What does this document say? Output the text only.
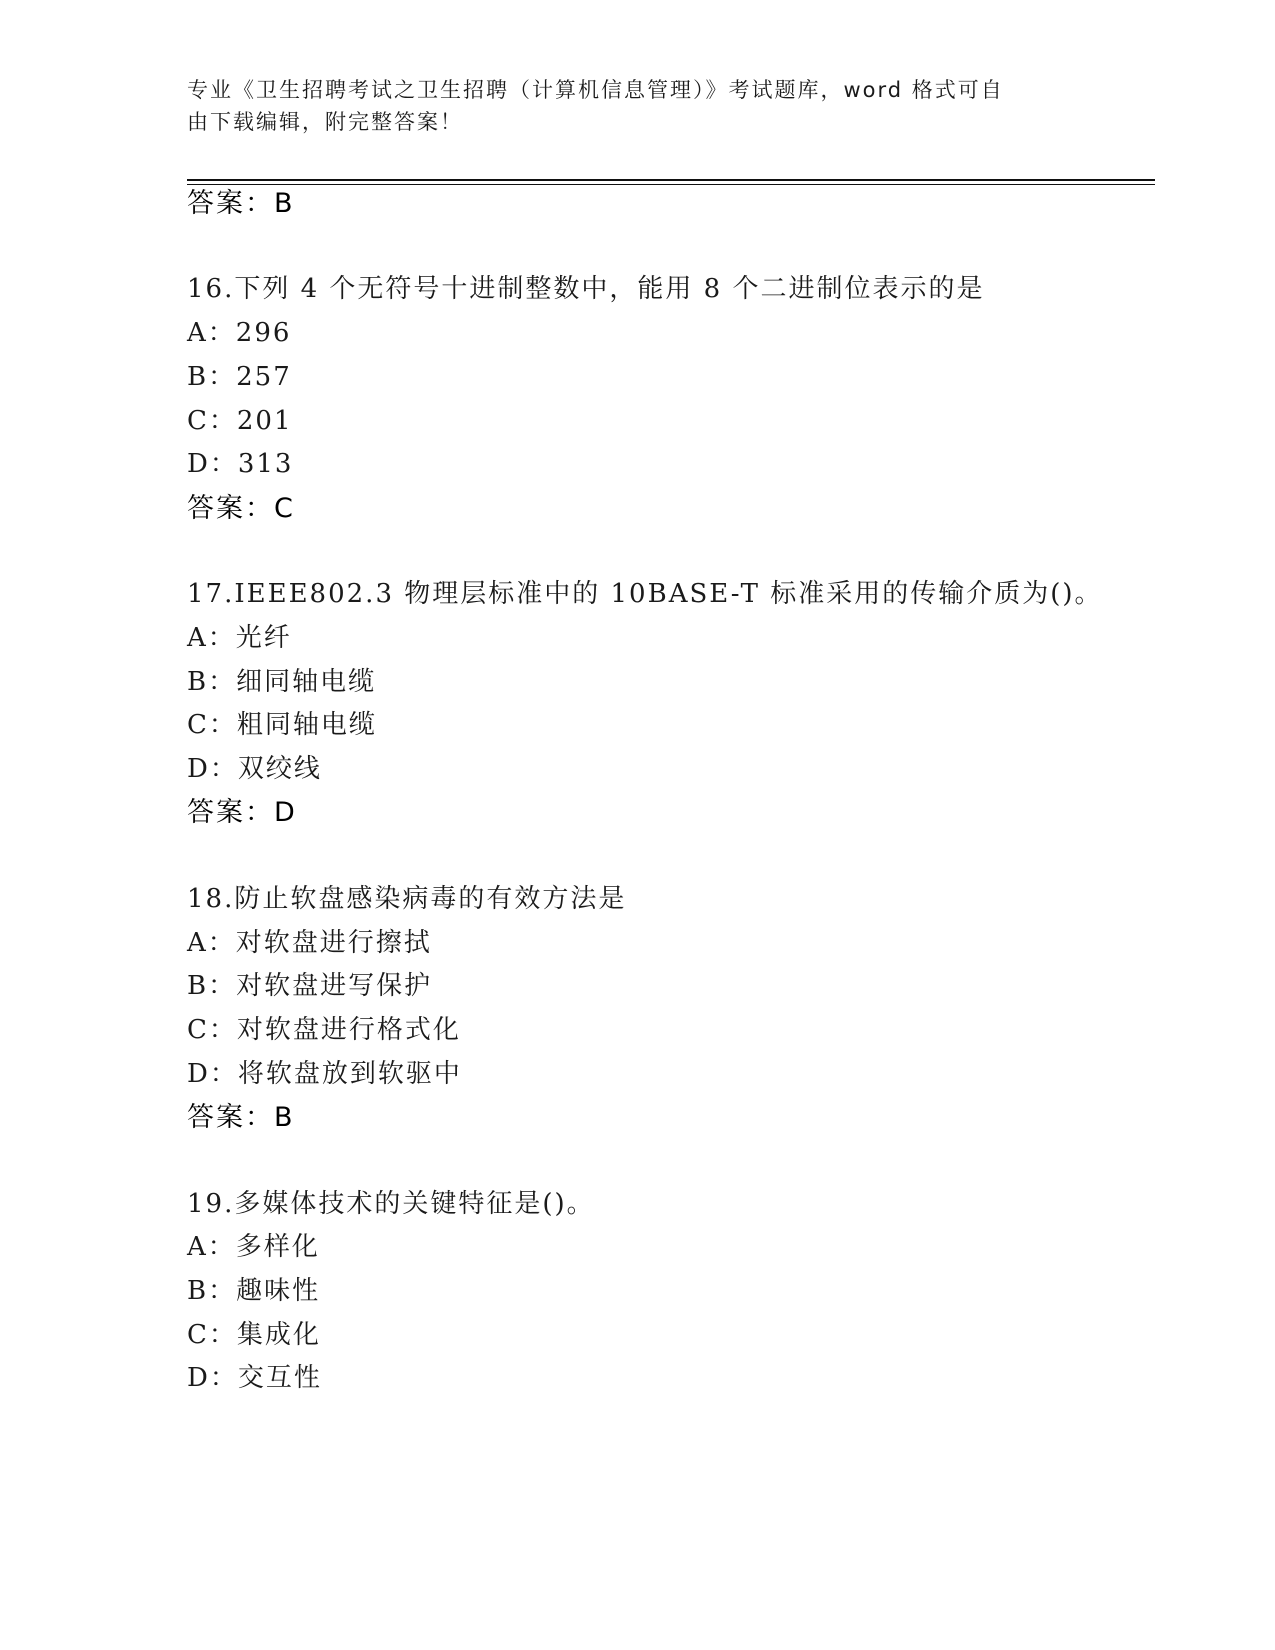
专业《卫生招聘考试之卫生招聘（计算机信息管理）》考试题库，word 格式可自
由下载编辑，附完整答案！
答案：B
16.下列 4 个无符号十进制整数中，能用 8 个二进制位表示的是
A：296
B：257
C：201
D：313
答案：C
17.IEEE802.3 物理层标准中的 10BASE-T 标准采用的传输介质为()。
A：光纤
B：细同轴电缆
C：粗同轴电缆
D：双绞线
答案：D
18.防止软盘感染病毒的有效方法是
A：对软盘进行擦拭
B：对软盘进写保护
C：对软盘进行格式化
D：将软盘放到软驱中
答案：B
19.多媒体技术的关键特征是()。
A：多样化
B：趣味性
C：集成化
D：交互性
